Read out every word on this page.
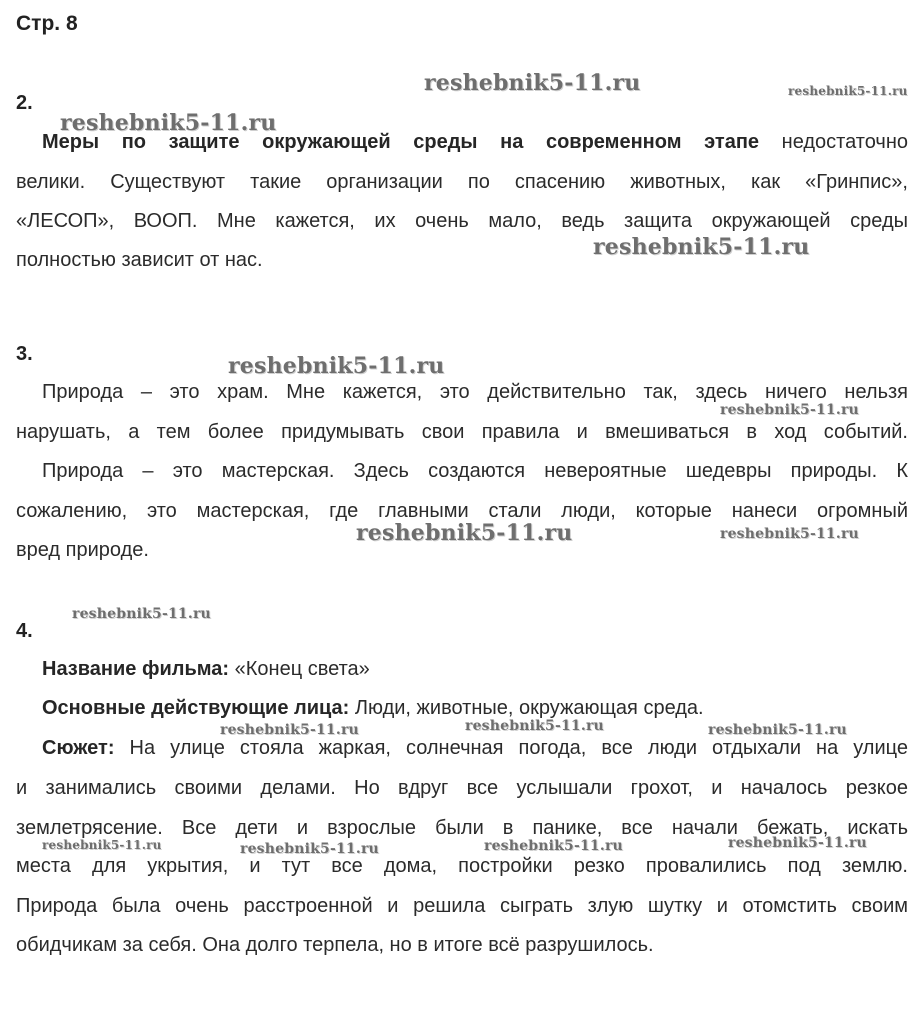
Стр. 8
reshebnik5-11.ru	reshebnik5-11.ru
reshebnik5-11.ru
reshebnik5-11.ru
reshebnik5-11.ru
reshebnik5-11.ru
reshebnik5-11.ru	reshebnik5-11.ru
reshebnik5-11.ru
reshebnik5-11.ru
reshebnik5-11.ru	reshebnik5-11.ru
reshebnik5-11.ru	reshebnik5-11.ru	reshebnik5-11.ru	reshebnik5-11.ru
2.
Меры по защите окружающей среды на современном этапе недостаточно
велики. Существуют такие организации по спасению животных, как «Гринпис»,
«ЛЕСОП», ВООП. Мне кажется, их очень мало, ведь защита окружающей среды
полностью зависит от нас.
3.
Природа – это храм. Мне кажется, это действительно так, здесь ничего нельзя
нарушать, а тем более придумывать свои правила и вмешиваться в ход событий.
Природа – это мастерская. Здесь создаются невероятные шедевры природы. К
сожалению, это мастерская, где главными стали люди, которые нанеси огромный
вред природе.
4.
Название фильма: «Конец света»
Основные действующие лица: Люди, животные, окружающая среда.
Сюжет: На улице стояла жаркая, солнечная погода, все люди отдыхали на улице
и занимались своими делами. Но вдруг все услышали грохот, и началось резкое
землетрясение. Все дети и взрослые были в панике, все начали бежать, искать
места для укрытия, и тут все дома, постройки резко провалились под землю.
Природа была очень расстроенной и решила сыграть злую шутку и отомстить своим
обидчикам за себя. Она долго терпела, но в итоге всё разрушилось.
